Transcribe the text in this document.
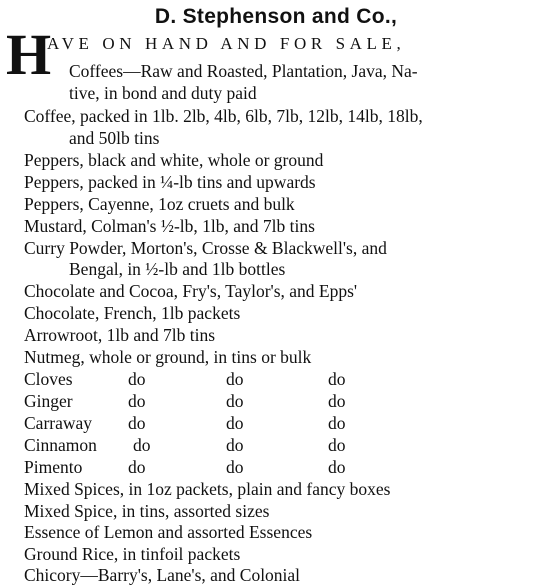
D. Stephenson and Co.,
H
AVE ON HAND AND FOR SALE,
Coffees—Raw and Roasted, Plantation, Java, Na-
tive, in bond and duty paid
Coffee, packed in 1lb. 2lb, 4lb, 6lb, 7lb, 12lb, 14lb, 18lb,
and 50lb tins
Peppers, black and white, whole or ground
Peppers, packed in ¼-lb tins and upwards
Peppers, Cayenne, 1oz cruets and bulk
Mustard, Colman's ½-lb, 1lb, and 7lb tins
Curry Powder, Morton's, Crosse & Blackwell's, and
Bengal, in ½-lb and 1lb bottles
Chocolate and Cocoa, Fry's, Taylor's, and Epps'
Chocolate, French, 1lb packets
Arrowroot, 1lb and 7lb tins
Nutmeg, whole or ground, in tins or bulk
Cloves	do	do	do
Ginger	do	do	do
Carraway do	do	do
Cinnamon do	do	do
Pimento	do	do	do
Mixed Spices, in 1oz packets, plain and fancy boxes
Mixed Spice, in tins, assorted sizes
Essence of Lemon and assorted Essences
Ground Rice, in tinfoil packets
Chicory—Barry's, Lane's, and Colonial
